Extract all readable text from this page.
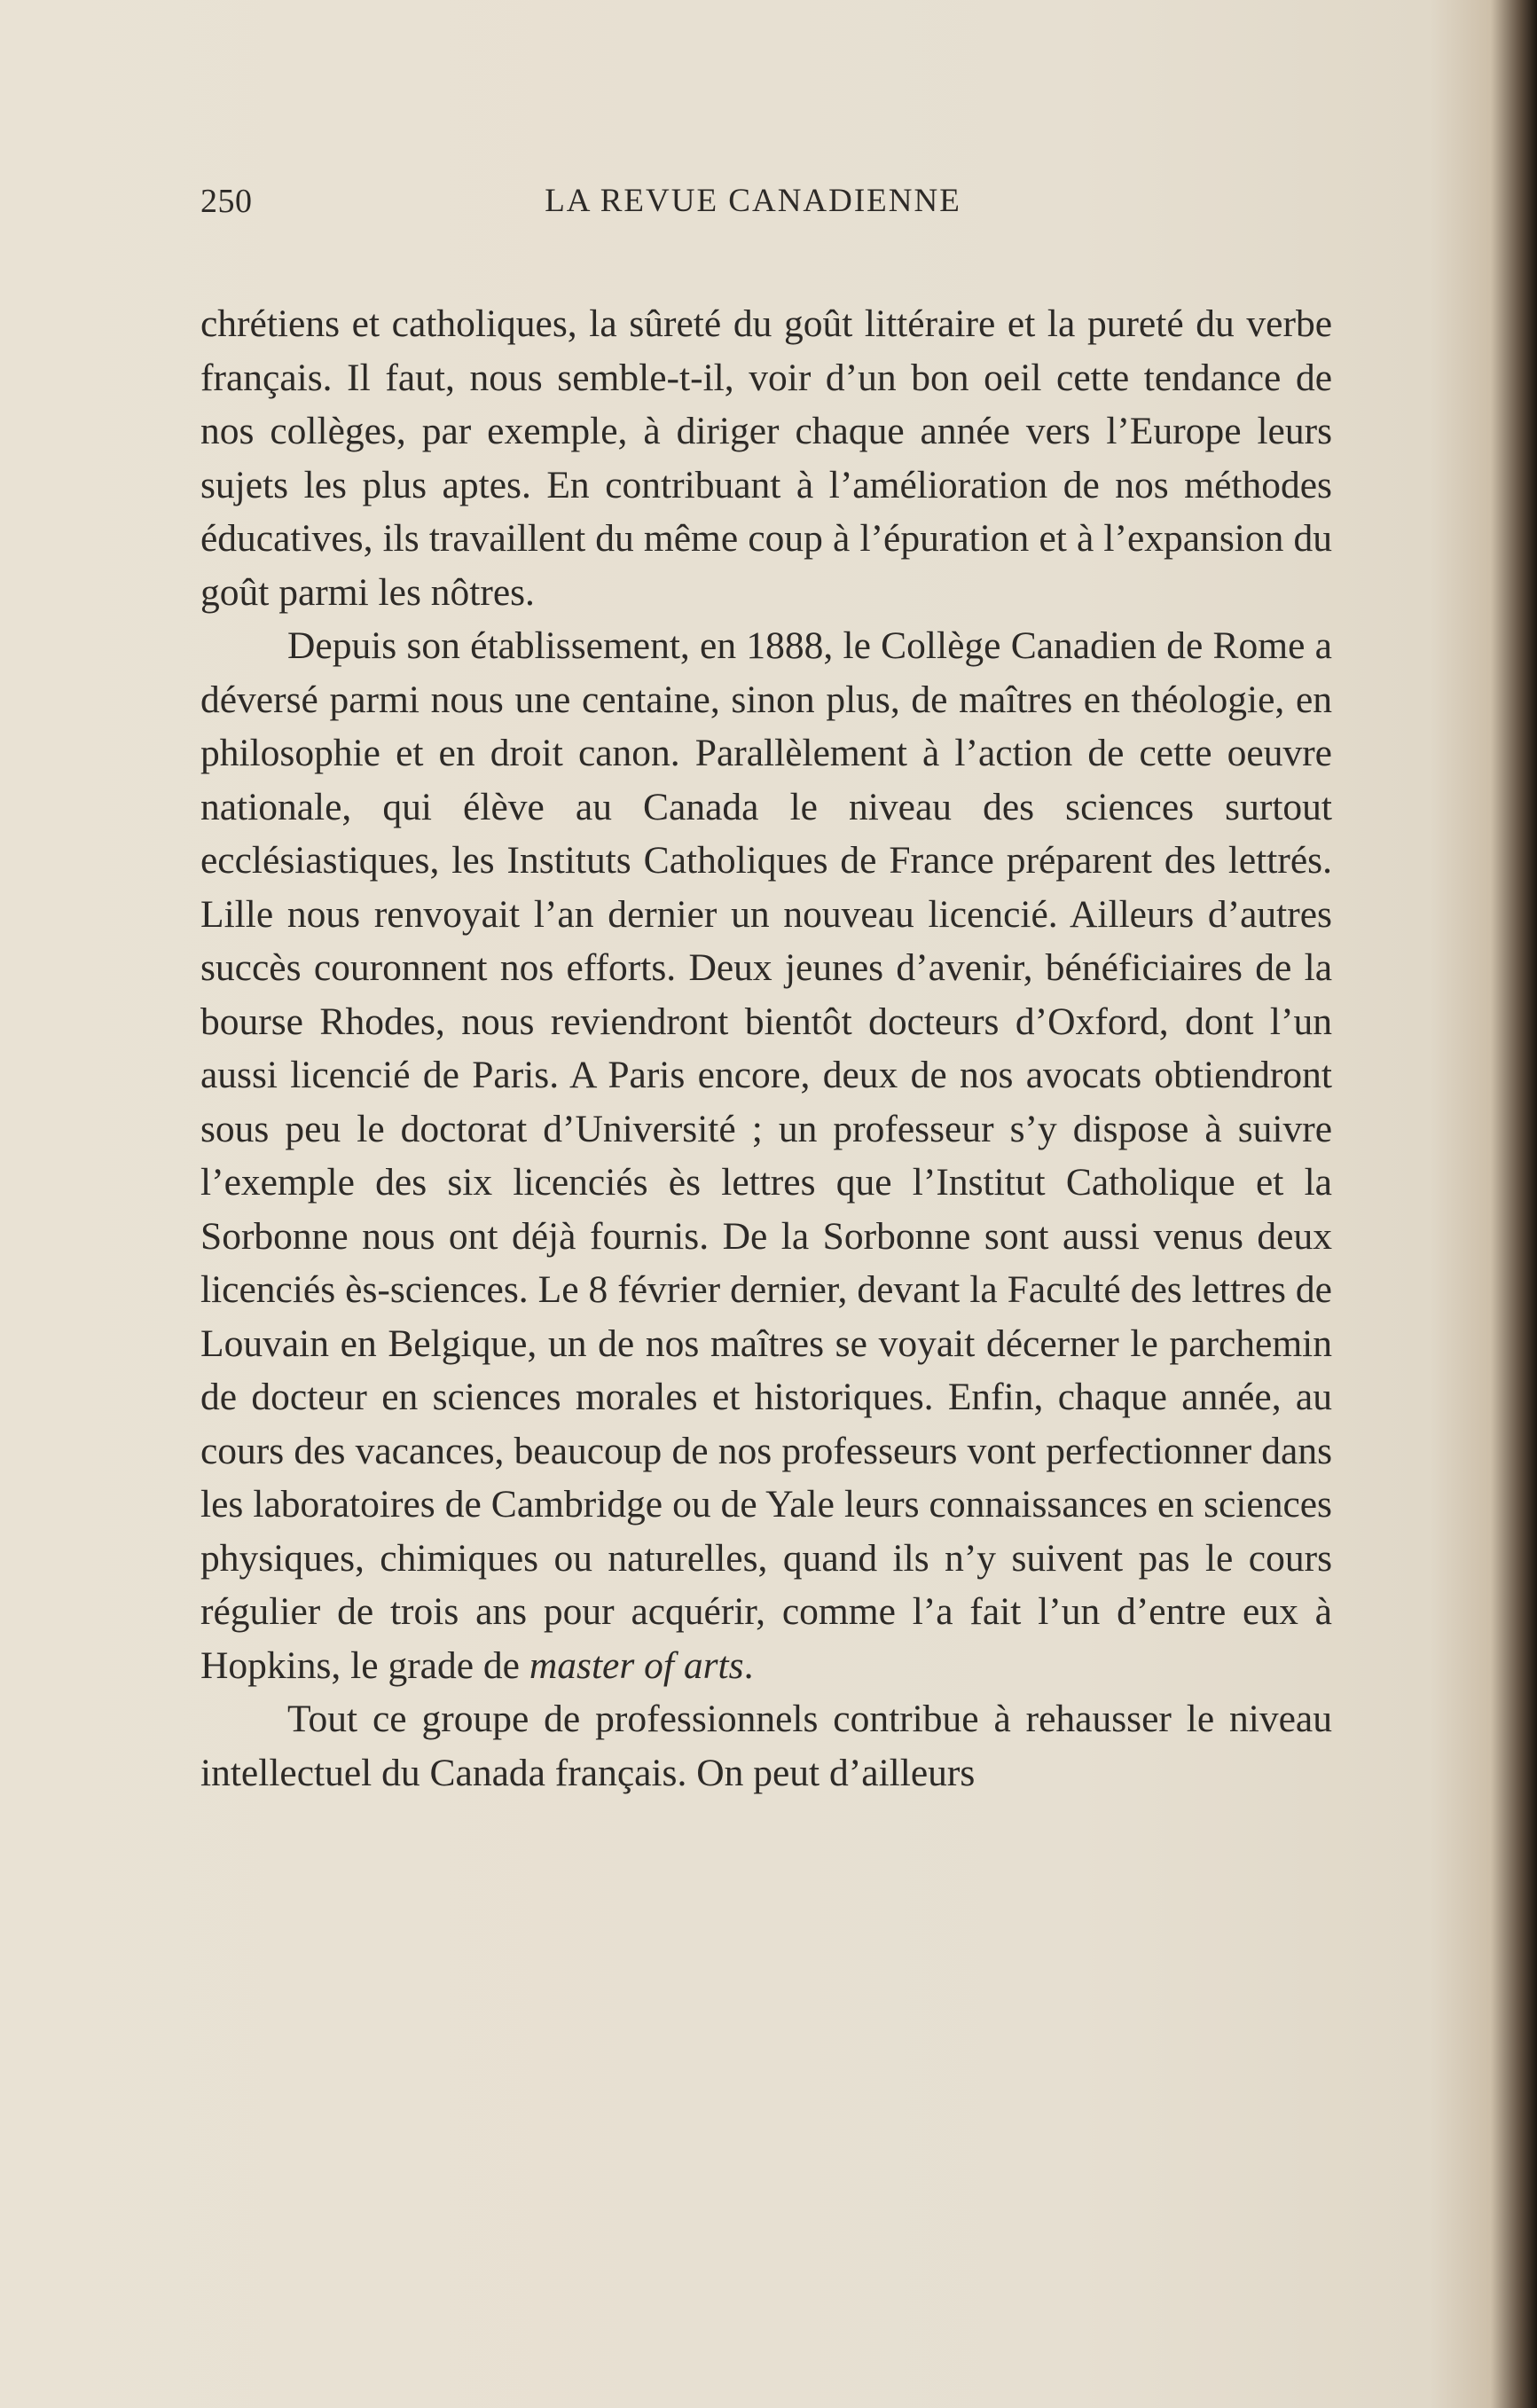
250	LA REVUE CANADIENNE

chrétiens et catholiques, la sûreté du goût littéraire et la pureté du verbe français. Il faut, nous semble-t-il, voir d’un bon oeil cette tendance de nos collèges, par exemple, à diriger chaque année vers l’Europe leurs sujets les plus aptes. En contribuant à l’amélioration de nos méthodes éducatives, ils travaillent du même coup à l’épuration et à l’expansion du goût parmi les nôtres.

Depuis son établissement, en 1888, le Collège Canadien de Rome a déversé parmi nous une centaine, sinon plus, de maîtres en théologie, en philosophie et en droit canon. Parallèlement à l’action de cette oeuvre nationale, qui élève au Canada le niveau des sciences surtout ecclésiastiques, les Instituts Catholiques de France préparent des lettrés. Lille nous renvoyait l’an dernier un nouveau licencié. Ailleurs d’autres succès couronnent nos efforts. Deux jeunes d’avenir, bénéficiaires de la bourse Rhodes, nous reviendront bientôt docteurs d’Oxford, dont l’un aussi licencié de Paris. A Paris encore, deux de nos avocats obtiendront sous peu le doctorat d’Université ; un professeur s’y dispose à suivre l’exemple des six licenciés ès lettres que l’Institut Catholique et la Sorbonne nous ont déjà fournis. De la Sorbonne sont aussi venus deux licenciés ès-sciences. Le 8 février dernier, devant la Faculté des lettres de Louvain en Belgique, un de nos maîtres se voyait décerner le parchemin de docteur en sciences morales et historiques. Enfin, chaque année, au cours des vacances, beaucoup de nos professeurs vont perfectionner dans les laboratoires de Cambridge ou de Yale leurs connaissances en sciences physiques, chimiques ou naturelles, quand ils n’y suivent pas le cours régulier de trois ans pour acquérir, comme l’a fait l’un d’entre eux à Hopkins, le grade de master of arts.

Tout ce groupe de professionnels contribue à rehausser le niveau intellectuel du Canada français. On peut d’ailleurs
